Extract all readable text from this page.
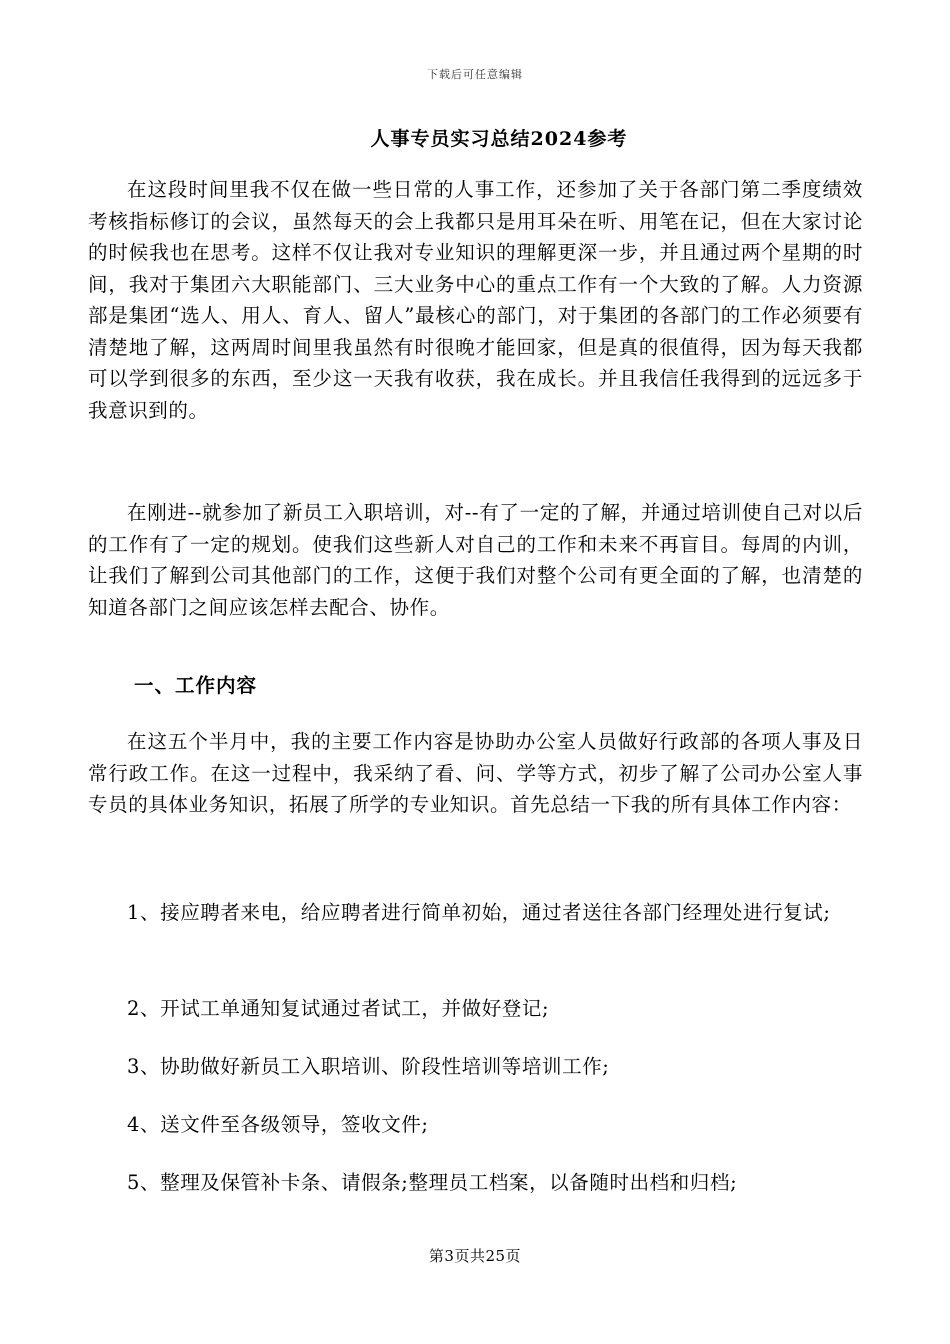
下载后可任意编辑
人事专员实习总结2024参考

在这段时间里我不仅在做一些日常的人事工作，还参加了关于各部门第二季度绩效考核指标修订的会议，虽然每天的会上我都只是用耳朵在听、用笔在记，但在大家讨论的时候我也在思考。这样不仅让我对专业知识的理解更深一步，并且通过两个星期的时间，我对于集团六大职能部门、三大业务中心的重点工作有一个大致的了解。人力资源部是集团“选人、用人、育人、留人”最核心的部门，对于集团的各部门的工作必须要有清楚地了解，这两周时间里我虽然有时很晚才能回家，但是真的很值得，因为每天我都可以学到很多的东西，至少这一天我有收获，我在成长。并且我信任我得到的远远多于我意识到的。

在刚进--就参加了新员工入职培训，对--有了一定的了解，并通过培训使自己对以后的工作有了一定的规划。使我们这些新人对自己的工作和未来不再盲目。每周的内训，让我们了解到公司其他部门的工作，这便于我们对整个公司有更全面的了解，也清楚的知道各部门之间应该怎样去配合、协作。

一、工作内容

在这五个半月中，我的主要工作内容是协助办公室人员做好行政部的各项人事及日常行政工作。在这一过程中，我采纳了看、问、学等方式，初步了解了公司办公室人事专员的具体业务知识，拓展了所学的专业知识。首先总结一下我的所有具体工作内容：

1、接应聘者来电，给应聘者进行简单初始，通过者送往各部门经理处进行复试;

2、开试工单通知复试通过者试工，并做好登记;

3、协助做好新员工入职培训、阶段性培训等培训工作;

4、送文件至各级领导，签收文件;

5、整理及保管补卡条、请假条;整理员工档案，以备随时出档和归档;

第3页共25页
